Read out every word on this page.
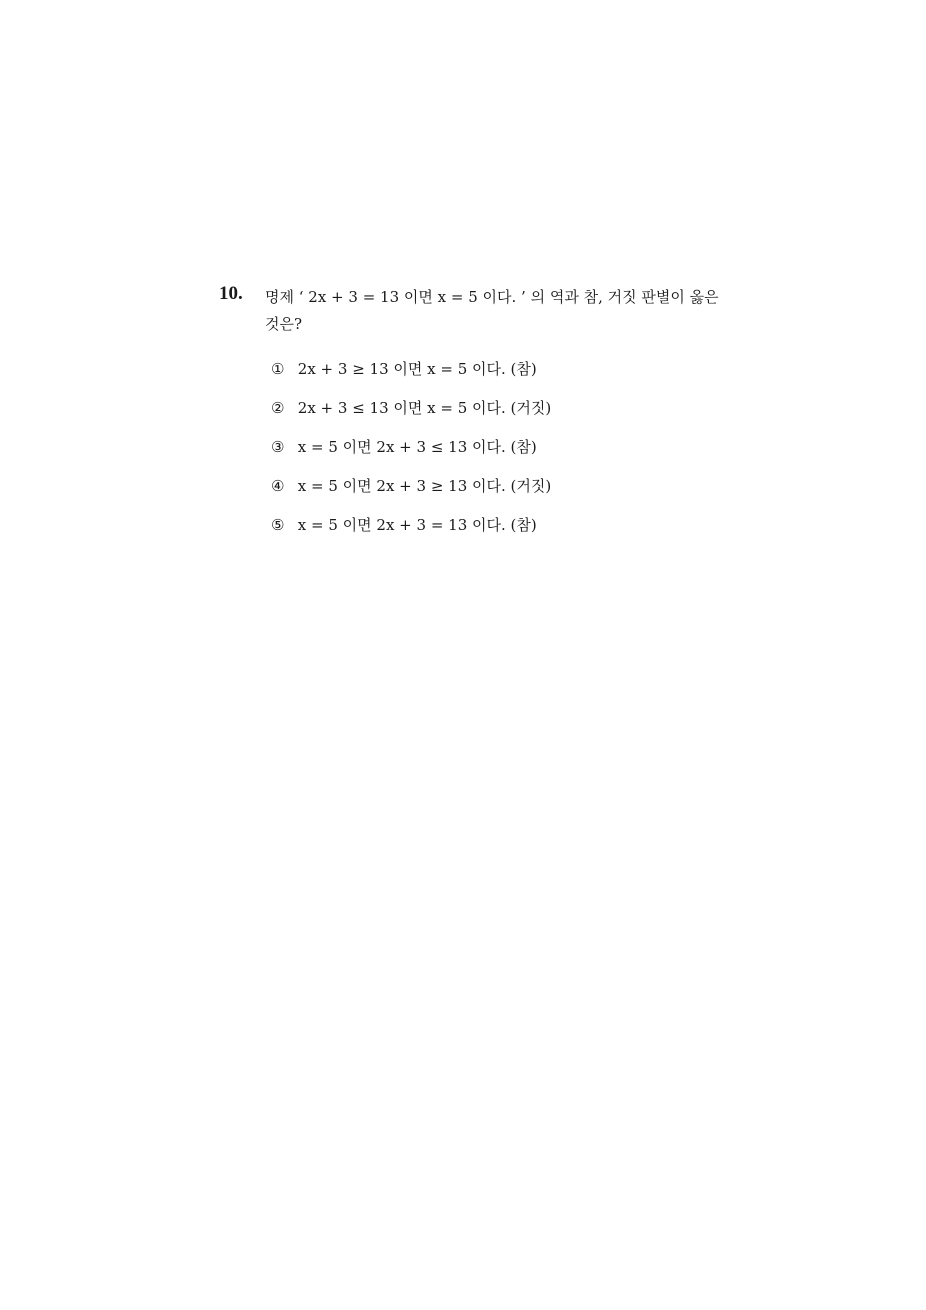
10. 명제 ‘ 2x + 3 = 13 이면 x = 5 이다. ’ 의 역과 참, 거짓 판별이 옳은
것은?
① 2x + 3 ≥ 13 이면 x = 5 이다. (참)
② 2x + 3 ≤ 13 이면 x = 5 이다. (거짓)
③ x = 5 이면 2x + 3 ≤ 13 이다. (참)
④ x = 5 이면 2x + 3 ≥ 13 이다. (거짓)
⑤ x = 5 이면 2x + 3 = 13 이다. (참)
